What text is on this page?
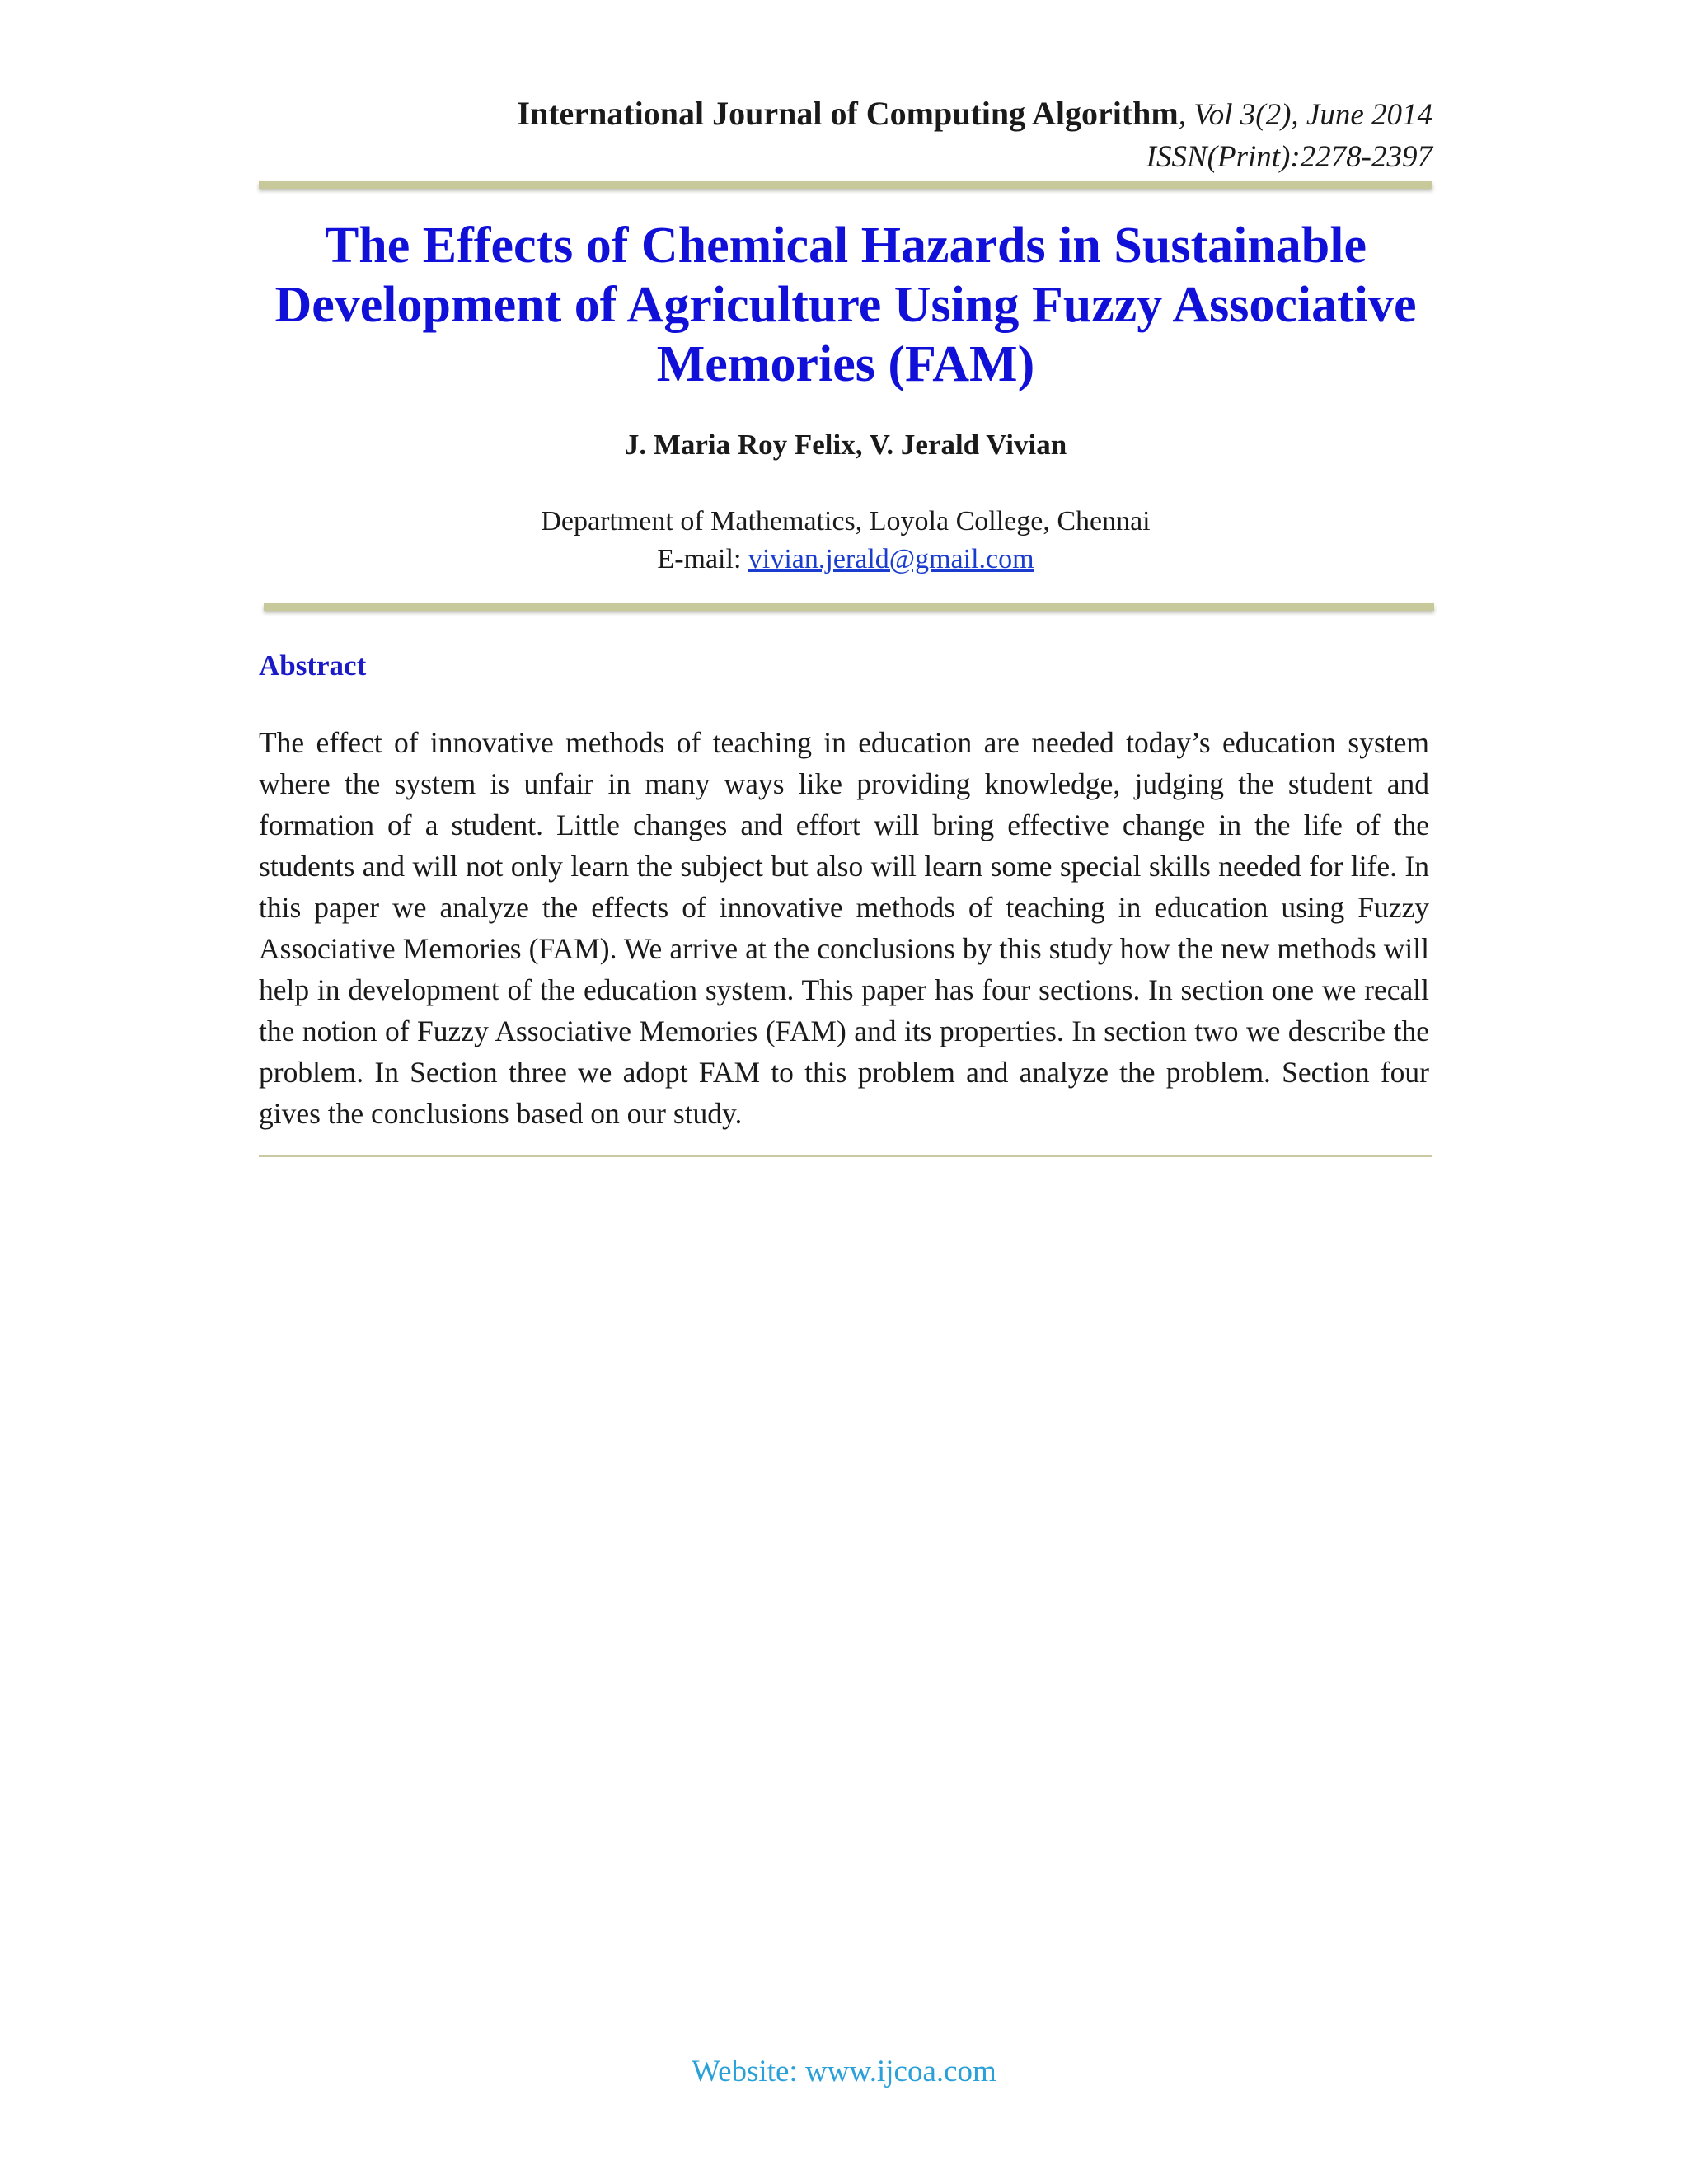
International Journal of Computing Algorithm, Vol 3(2), June 2014
ISSN(Print):2278-2397
The Effects of Chemical Hazards in Sustainable
Development of Agriculture Using Fuzzy Associative
Memories (FAM)
J. Maria Roy Felix, V. Jerald Vivian
Department of Mathematics, Loyola College, Chennai
E-mail: vivian.jerald@gmail.com
Abstract

The effect of innovative methods of teaching in education are needed today’s education system where the system is unfair in many ways like providing knowledge, judging the student and formation of a student. Little changes and effort will bring effective change in the life of the students and will not only learn the subject but also will learn some special skills needed for life. In this paper we analyze the effects of innovative methods of teaching in education using Fuzzy Associative Memories (FAM). We arrive at the conclusions by this study how the new methods will help in development of the education system. This paper has four sections. In section one we recall the notion of Fuzzy Associative Memories (FAM) and its properties. In section two we describe the problem. In Section three we adopt FAM to this problem and analyze the problem. Section four gives the conclusions based on our study.

Website: www.ijcoa.com
